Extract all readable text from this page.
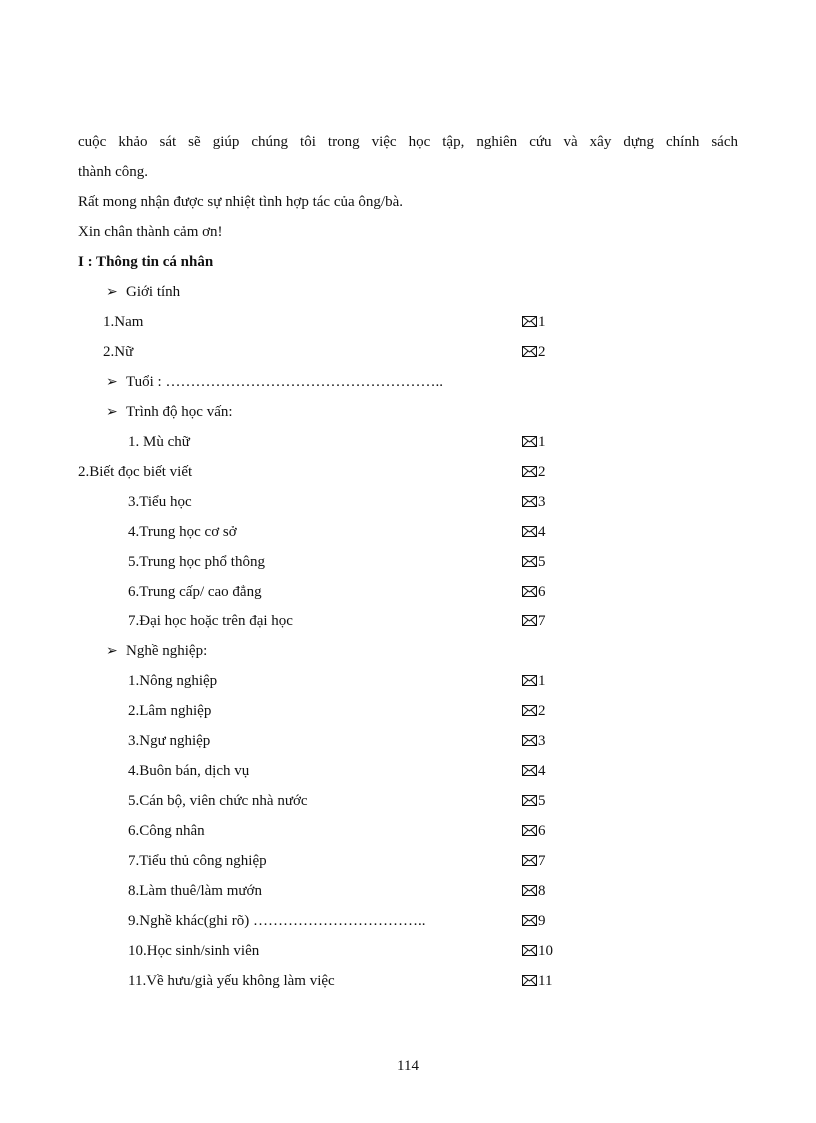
cuộc khảo sát sẽ giúp chúng tôi trong việc học tập, nghiên cứu và xây dựng chính sách
thành công.
Rất mong nhận được sự nhiệt tình hợp tác của ông/bà.
Xin chân thành cảm ơn!
I : Thông tin cá nhân
➢ Giới tính
1.Nam	1
2.Nữ	2
➢ Tuổi : ………………………………………………..
➢ Trình độ học vấn:
1. Mù chữ	1
2.Biết đọc biết viết	2
3.Tiểu học	3
4.Trung học cơ sở	4
5.Trung học phổ thông	5
6.Trung cấp/ cao đẳng	6
7.Đại học hoặc trên đại học	7
➢ Nghề nghiệp:
1.Nông nghiệp	1
2.Lâm nghiệp	2
3.Ngư nghiệp	3
4.Buôn bán, dịch vụ	4
5.Cán bộ, viên chức nhà nước	5
6.Công nhân	6
7.Tiểu thủ công nghiệp	7
8.Làm thuê/làm mướn	8
9.Nghề khác(ghi rõ) ……………………………..	9
10.Học sinh/sinh viên	10
11.Về hưu/già yếu không làm việc	11
114
